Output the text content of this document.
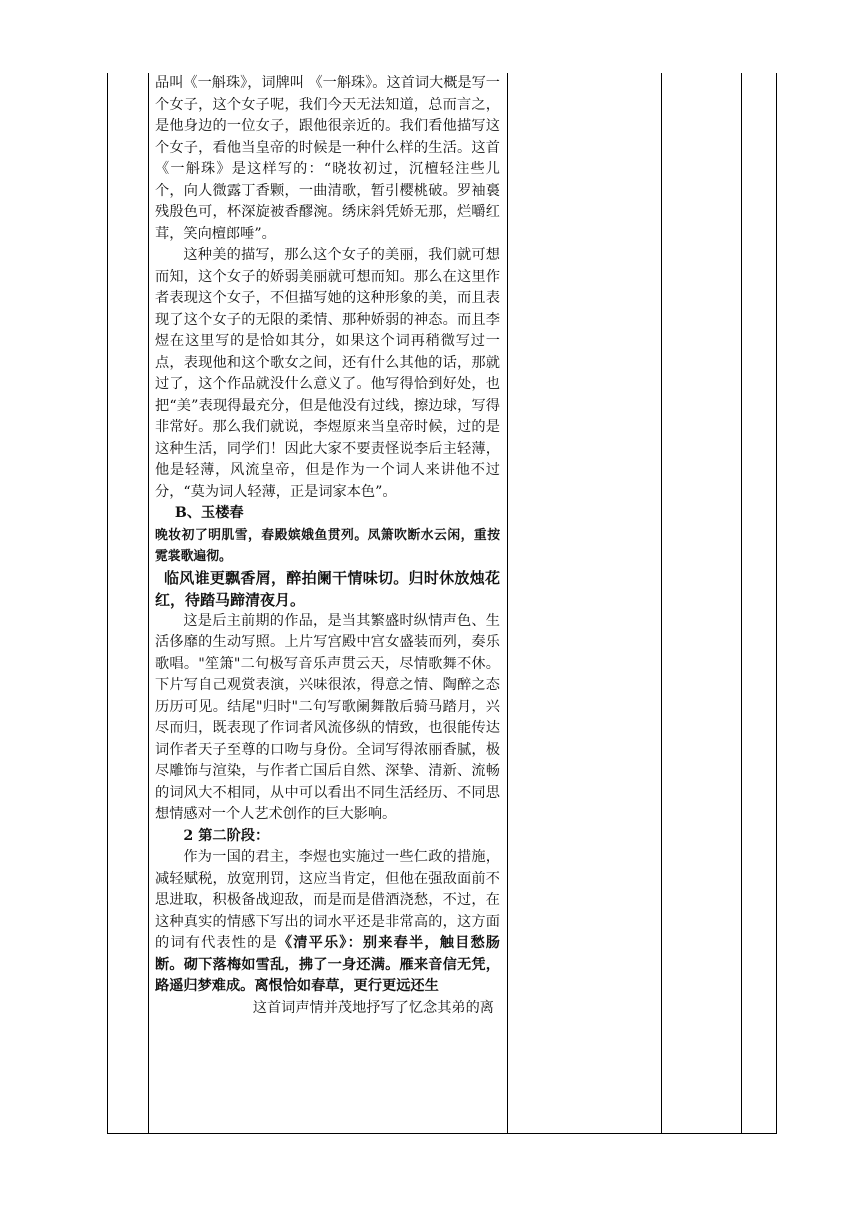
品叫《一斛珠》，词牌叫 《一斛珠》。这首词大概是写一个女子，这个女子呢，我们今天无法知道，总而言之，是他身边的一位女子，跟他很亲近的。我们看他描写这个女子，看他当皇帝的时候是一种什么样的生活。这首《一斛珠》是这样写的：“晓妆初过，沉檀轻注些儿个，向人微露丁香颗，一曲清歌，暂引樱桃破。罗袖裛残殷色可，杯深旋被香醪涴。绣床斜凭娇无那，烂嚼红茸，笑向檀郎唾”。

这种美的描写，那么这个女子的美丽，我们就可想而知，这个女子的娇弱美丽就可想而知。那么在这里作者表现这个女子，不但描写她的这种形象的美，而且表现了这个女子的无限的柔情、那种娇弱的神态。而且李煜在这里写的是恰如其分，如果这个词再稍微写过一点，表现他和这个歌女之间，还有什么其他的话，那就过了，这个作品就没什么意义了。他写得恰到好处，也把“美”表现得最充分，但是他没有过线，擦边球，写得非常好。那么我们就说，李煜原来当皇帝时候，过的是这种生活，同学们！因此大家不要责怪说李后主轻薄，他是轻薄，风流皇帝，但是作为一个词人来讲他不过分，“莫为词人轻薄，正是词家本色”。

B、玉楼春

晚妆初了明肌雪，春殿嫔娥鱼贯列。凤箫吹断水云闲，重按霓裳歌遍彻。

临风谁更飘香屑，醉拍阑干情味切。归时休放烛花红，待踏马蹄清夜月。

这是后主前期的作品，是当其繁盛时纵情声色、生活侈靡的生动写照。上片写宫殿中宫女盛装而列，奏乐歌唱。"笙箫"二句极写音乐声贯云天，尽情歌舞不休。下片写自己观赏表演，兴味很浓，得意之情、陶醉之态历历可见。结尾"归时"二句写歌阑舞散后骑马踏月，兴尽而归，既表现了作词者风流侈纵的情致，也很能传达词作者天子至尊的口吻与身份。全词写得浓丽香腻，极尽雕饰与渲染，与作者亡国后自然、深挚、清新、流畅的词风大不相同，从中可以看出不同生活经历、不同思想情感对一个人艺术创作的巨大影响。

2 第二阶段：

作为一国的君主，李煜也实施过一些仁政的措施，减轻赋税，放宽刑罚，这应当肯定，但他在强敌面前不思进取，积极备战迎敌，而是而是借酒浇愁，不过，在这种真实的情感下写出的词水平还是非常高的，这方面的词有代表性的是《清平乐》：别来春半，触目愁肠断。砌下落梅如雪乱，拂了一身还满。雁来音信无凭，路遥归梦难成。离恨恰如春草，更行更远还生

这首词声情并茂地抒写了忆念其弟的离
